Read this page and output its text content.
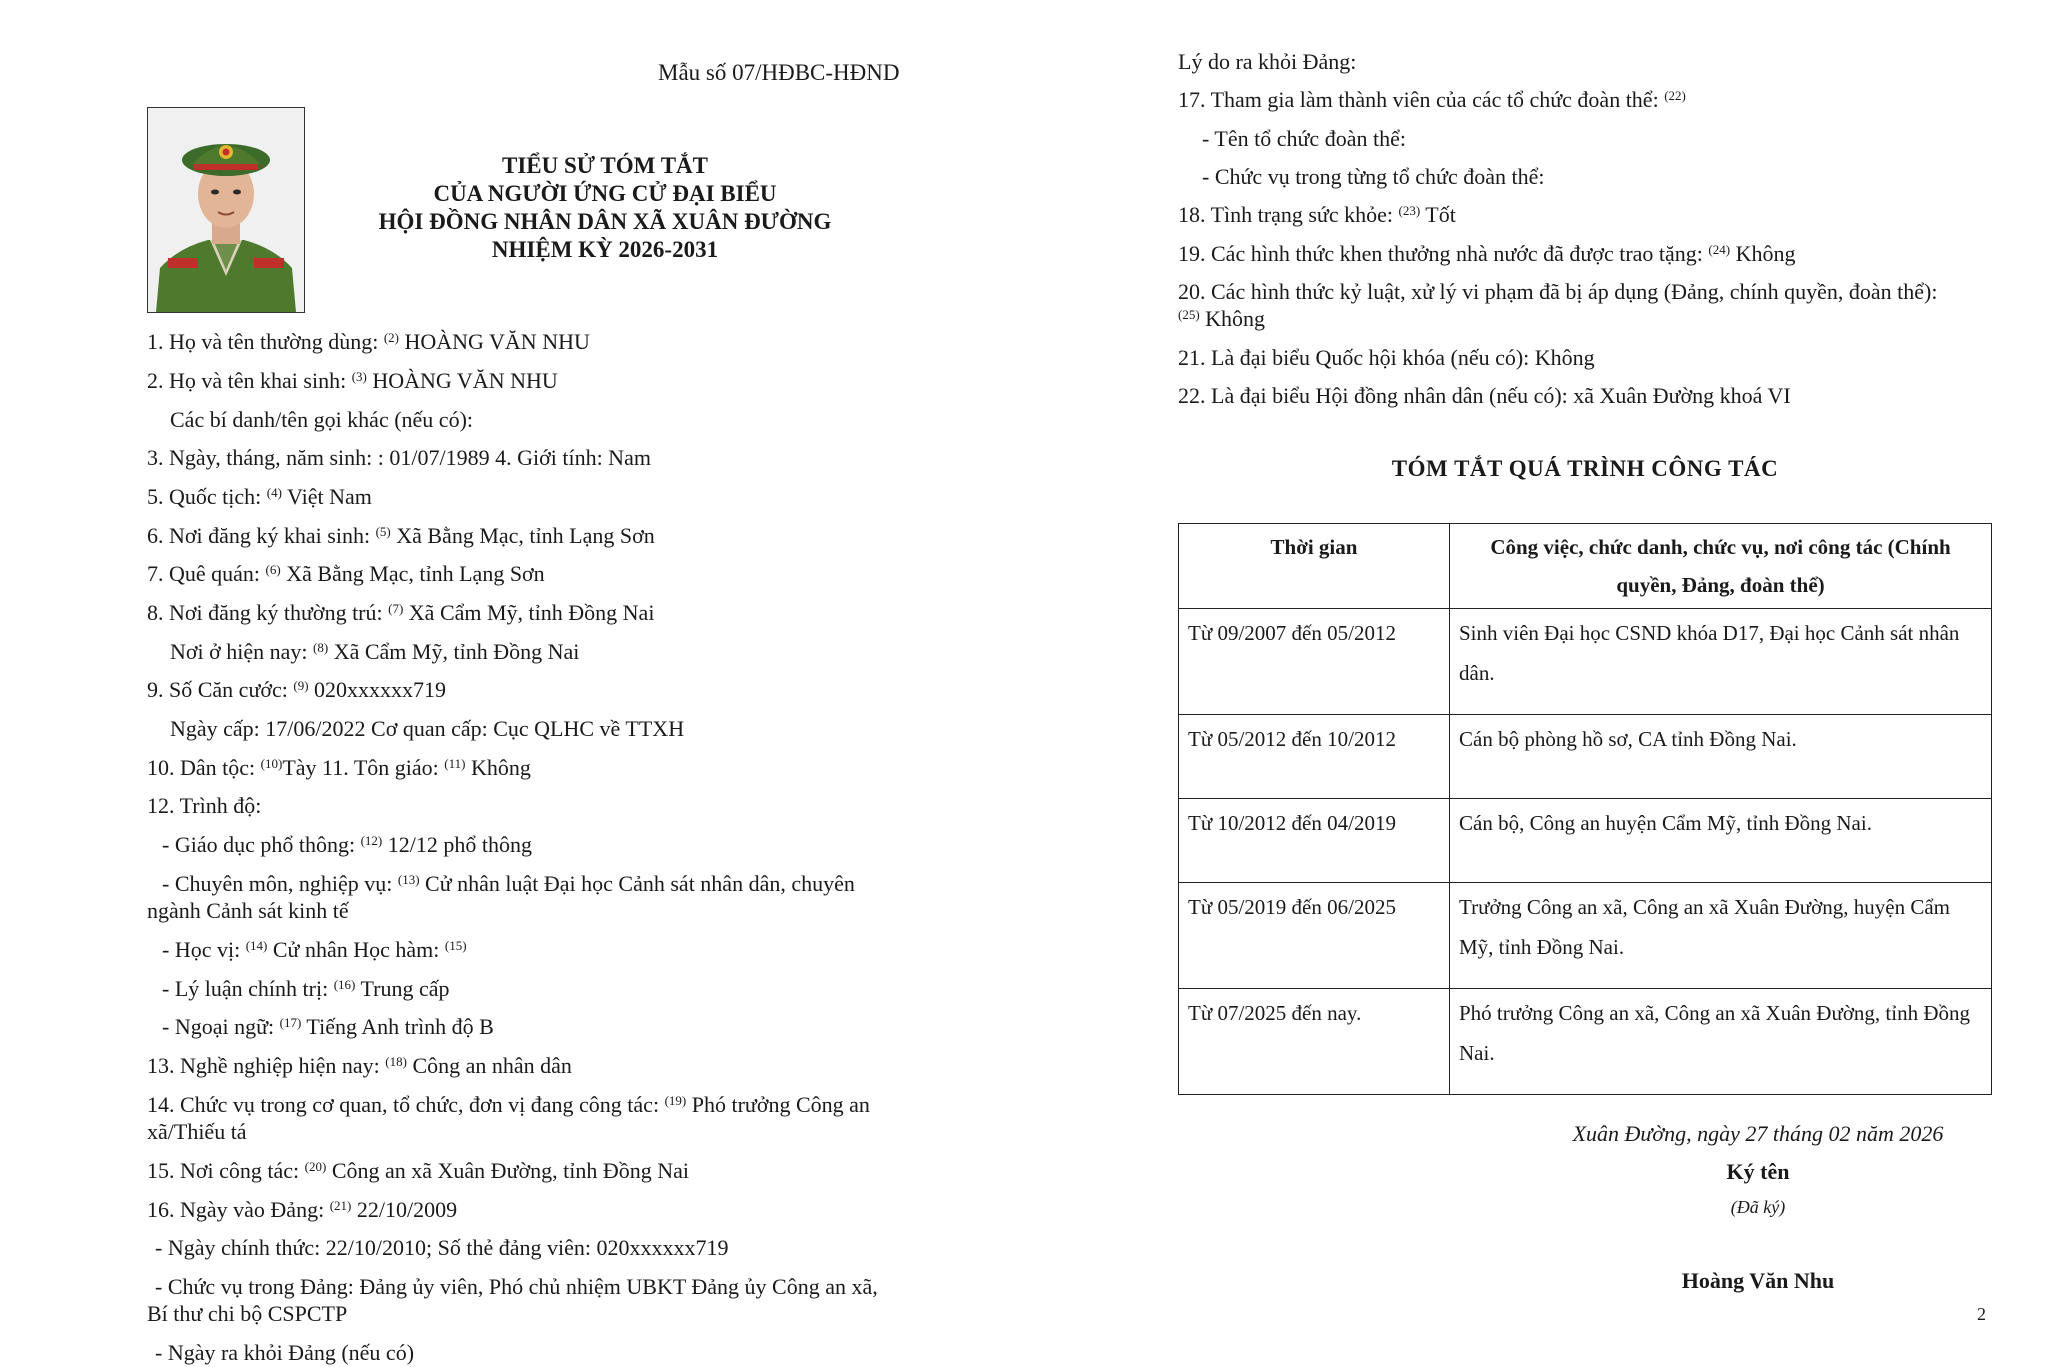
Mẫu số 07/HĐBC-HĐND
TIỂU SỬ TÓM TẮT
CỦA NGƯỜI ỨNG CỬ ĐẠI BIỂU
HỘI ĐỒNG NHÂN DÂN XÃ XUÂN ĐƯỜNG
NHIỆM KỲ 2026-2031
1. Họ và tên thường dùng: $^{(2)}$ HOÀNG VĂN NHU
2. Họ và tên khai sinh: $^{(3)}$ HOÀNG VĂN NHU
Các bí danh/tên gọi khác (nếu có):
3. Ngày, tháng, năm sinh: : 01/07/1989 4. Giới tính: Nam
5. Quốc tịch: $^{(4)}$ Việt Nam
6. Nơi đăng ký khai sinh: $^{(5)}$ Xã Bằng Mạc, tỉnh Lạng Sơn
7. Quê quán: $^{(6)}$ Xã Bằng Mạc, tỉnh Lạng Sơn
8. Nơi đăng ký thường trú: $^{(7)}$ Xã Cẩm Mỹ, tỉnh Đồng Nai
Nơi ở hiện nay: $^{(8)}$ Xã Cẩm Mỹ, tỉnh Đồng Nai
9. Số Căn cước: $^{(9)}$ 020xxxxxx719
Ngày cấp: 17/06/2022 Cơ quan cấp: Cục QLHC về TTXH
10. Dân tộc: $^{(10)}$Tày 11. Tôn giáo: $^{(11)}$ Không
12. Trình độ:
- Giáo dục phổ thông: $^{(12)}$ 12/12 phổ thông
- Chuyên môn, nghiệp vụ: $^{(13)}$ Cử nhân luật Đại học Cảnh sát nhân dân, chuyên
ngành Cảnh sát kinh tế
- Học vị: $^{(14)}$ Cử nhân Học hàm: $^{(15)}$
- Lý luận chính trị: $^{(16)}$ Trung cấp
- Ngoại ngữ: $^{(17)}$ Tiếng Anh trình độ B
13. Nghề nghiệp hiện nay: $^{(18)}$ Công an nhân dân
14. Chức vụ trong cơ quan, tổ chức, đơn vị đang công tác: $^{(19)}$ Phó trưởng Công an
xã/Thiếu tá
15. Nơi công tác: $^{(20)}$ Công an xã Xuân Đường, tỉnh Đồng Nai
16. Ngày vào Đảng: $^{(21)}$ 22/10/2009
- Ngày chính thức: 22/10/2010; Số thẻ đảng viên: 020xxxxxx719
- Chức vụ trong Đảng: Đảng ủy viên, Phó chủ nhiệm UBKT Đảng ủy Công an xã,
Bí thư chi bộ CSPCTP
- Ngày ra khỏi Đảng (nếu có)
Lý do ra khỏi Đảng:
17. Tham gia làm thành viên của các tổ chức đoàn thể: $^{(22)}$
- Tên tổ chức đoàn thể:
- Chức vụ trong từng tổ chức đoàn thể:
18. Tình trạng sức khỏe: $^{(23)}$ Tốt
19. Các hình thức khen thưởng nhà nước đã được trao tặng: $^{(24)}$ Không
20. Các hình thức kỷ luật, xử lý vi phạm đã bị áp dụng (Đảng, chính quyền, đoàn thể):
$^{(25)}$ Không
21. Là đại biểu Quốc hội khóa (nếu có): Không
22. Là đại biểu Hội đồng nhân dân (nếu có): xã Xuân Đường khoá VI
TÓM TẮT QUÁ TRÌNH CÔNG TÁC
Thời gian	Công việc, chức danh, chức vụ, nơi công tác (Chính quyền, Đảng, đoàn thể)
Từ 09/2007 đến 05/2012	Sinh viên Đại học CSND khóa D17, Đại học Cảnh sát nhân dân.
Từ 05/2012 đến 10/2012	Cán bộ phòng hồ sơ, CA tỉnh Đồng Nai.
Từ 10/2012 đến 04/2019	Cán bộ, Công an huyện Cẩm Mỹ, tỉnh Đồng Nai.
Từ 05/2019 đến 06/2025	Trưởng Công an xã, Công an xã Xuân Đường, huyện Cẩm Mỹ, tỉnh Đồng Nai.
Từ 07/2025 đến nay.	Phó trưởng Công an xã, Công an xã Xuân Đường, tỉnh Đồng Nai.
Xuân Đường, ngày 27 tháng 02 năm 2026
Ký tên
(Đã ký)
Hoàng Văn Nhu
2
